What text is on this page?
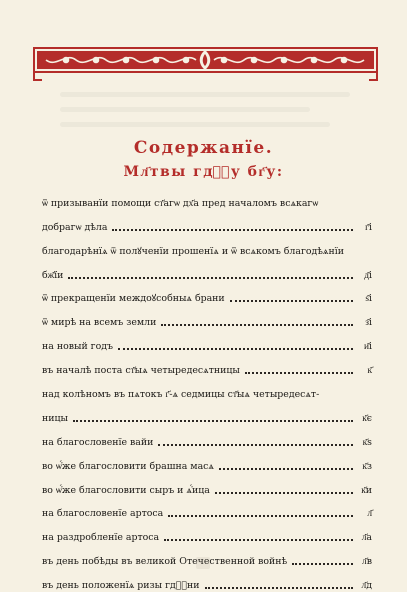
Содержанїе.
Мл҃твы гдⷭ҇у бг҃у:
ѿ призыванїи помощи ст҃агѡ дх҃а пред началомъ всѧкагѡ
добрагѡ дѣла	г҃і
благодарѣнїѧ ѿ полꙋченїи прошенїѧ и ѿ всѧкомъ благодѣѧнїи
бж҃їи	д҃і
ѿ прекращенїи междоꙋсобныѧ брани	ѕ҃і
ѿ мирѣ на всемъ земли	з҃і
на новый годъ	и҃і
въ началѣ поста ст҃ыѧ четыредесѧтницы	к҃
над колѣномъ въ пѧтокъ г҃-ѧ седмицы ст҃ыѧ четыредесѧт-
ницы	к҃є
на благословенїе вайи	к҃ѕ
во ѡ҆́же благословити брашна масѧ	к҃з
во ѡ҆́же благословити сыръ и ѧ҆́ица	к҃и
на благословенїе артоса	л҃
на раздробленїе артоса	л҃а
въ день побѣды въ великой Отечественной войнѣ	л҃в
въ день положенїѧ ризы гдⷭ҇ни	л҃д
